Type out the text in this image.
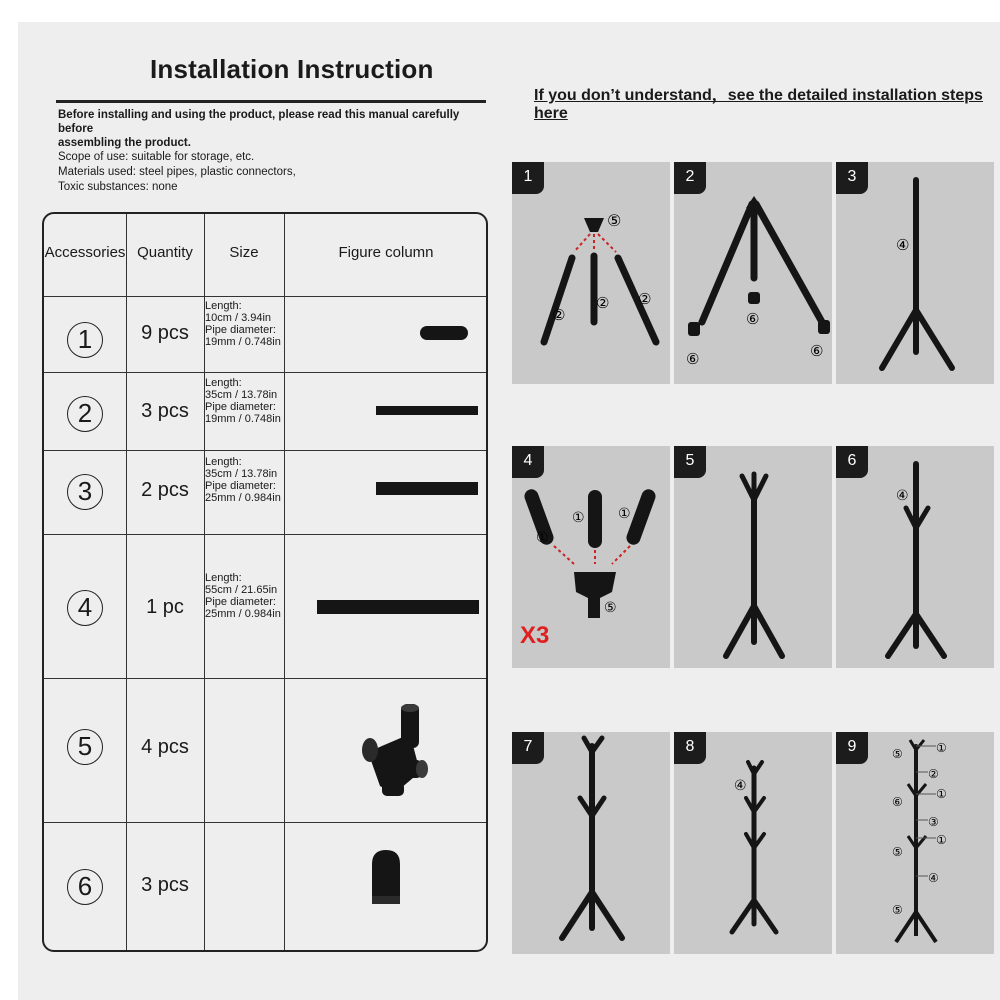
Installation Instruction
Before installing and using the product, please read this manual carefully before
assembling the product.
Scope of use: suitable for storage, etc.
Materials used: steel pipes, plastic connectors,
Toxic substances: none
If you don’t understand，see the detailed installation steps here
Accessories Quantity	Size	Figure column
1	9 pcs
Length:
10cm / 3.94in
Pipe diameter:
19mm / 0.748in
2	3 pcs
Length:
35cm / 13.78in
Pipe diameter:
19mm / 0.748in
3	2 pcs
Length:
35cm / 13.78in
Pipe diameter:
25mm / 0.984in
4	1 pc
Length:
55cm / 21.65in
Pipe diameter:
25mm / 0.984in
5	4 pcs
6	3 pcs
⑤
②
② ②
1
⑥
⑥	⑥
2
④
3
①
① ①
⑤
4
X3
5
④
6
7
④
8	⑤	①
②
⑥
①
③
⑤
①
④
⑤
9
